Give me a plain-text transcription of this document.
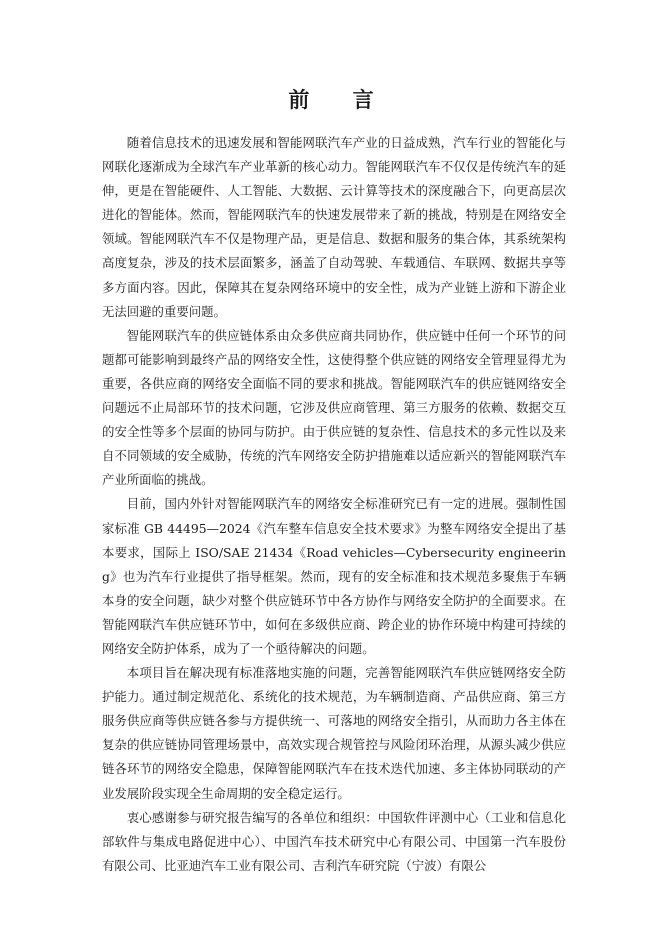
前 言

随着信息技术的迅速发展和智能网联汽车产业的日益成熟，汽车行业的智能化与网联化逐渐成为全球汽车产业革新的核心动力。智能网联汽车不仅仅是传统汽车的延伸，更是在智能硬件、人工智能、大数据、云计算等技术的深度融合下，向更高层次进化的智能体。然而，智能网联汽车的快速发展带来了新的挑战，特别是在网络安全领域。智能网联汽车不仅是物理产品，更是信息、数据和服务的集合体，其系统架构高度复杂，涉及的技术层面繁多，涵盖了自动驾驶、车载通信、车联网、数据共享等多方面内容。因此，保障其在复杂网络环境中的安全性，成为产业链上游和下游企业无法回避的重要问题。

智能网联汽车的供应链体系由众多供应商共同协作，供应链中任何一个环节的问题都可能影响到最终产品的网络安全性，这使得整个供应链的网络安全管理显得尤为重要，各供应商的网络安全面临不同的要求和挑战。智能网联汽车的供应链网络安全问题远不止局部环节的技术问题，它涉及供应商管理、第三方服务的依赖、数据交互的安全性等多个层面的协同与防护。由于供应链的复杂性、信息技术的多元性以及来自不同领域的安全威胁，传统的汽车网络安全防护措施难以适应新兴的智能网联汽车产业所面临的挑战。

目前，国内外针对智能网联汽车的网络安全标准研究已有一定的进展。强制性国家标准 GB 44495—2024《汽车整车信息安全技术要求》为整车网络安全提出了基本要求，国际上 ISO/SAE 21434《Road vehicles—Cybersecurity engineering》也为汽车行业提供了指导框架。然而，现有的安全标准和技术规范多聚焦于车辆本身的安全问题，缺少对整个供应链环节中各方协作与网络安全防护的全面要求。在智能网联汽车供应链环节中，如何在多级供应商、跨企业的协作环境中构建可持续的网络安全防护体系，成为了一个亟待解决的问题。

本项目旨在解决现有标准落地实施的问题，完善智能网联汽车供应链网络安全防护能力。通过制定规范化、系统化的技术规范，为车辆制造商、产品供应商、第三方服务供应商等供应链各参与方提供统一、可落地的网络安全指引，从而助力各主体在复杂的供应链协同管理场景中，高效实现合规管控与风险闭环治理，从源头减少供应链各环节的网络安全隐患，保障智能网联汽车在技术迭代加速、多主体协同联动的产业发展阶段实现全生命周期的安全稳定运行。

衷心感谢参与研究报告编写的各单位和组织：中国软件评测中心（工业和信息化部软件与集成电路促进中心）、中国汽车技术研究中心有限公司、中国第一汽车股份有限公司、比亚迪汽车工业有限公司、吉利汽车研究院（宁波）有限公
